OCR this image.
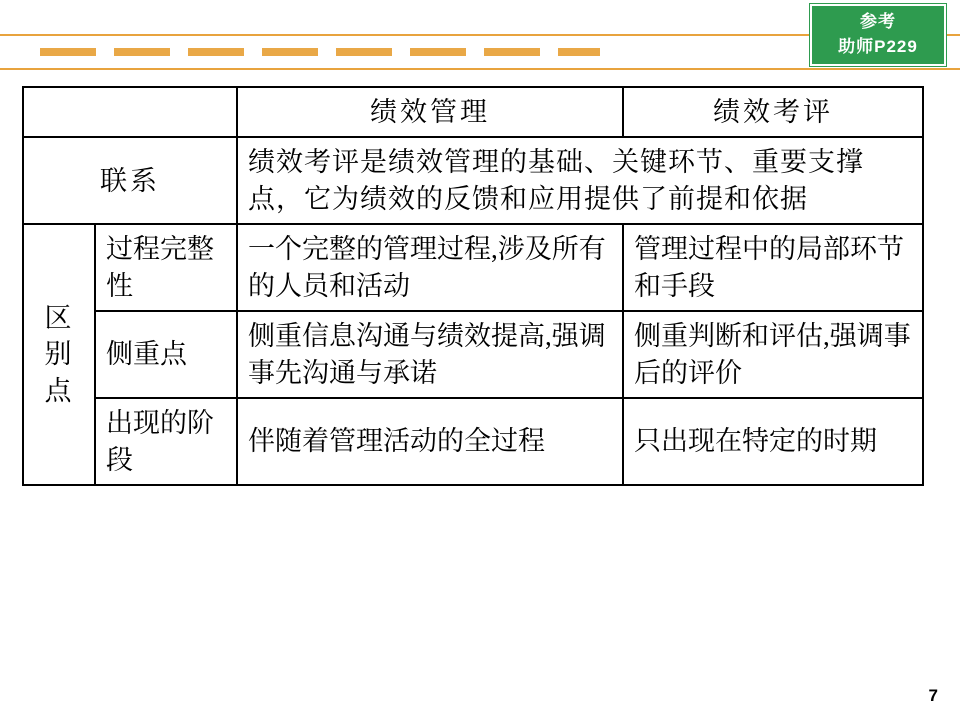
参考
助师P229
		绩效管理	绩效考评
联系		绩效考评是绩效管理的基础、关键环节、重要支撑点，它为绩效的反馈和应用提供了前提和依据	
区别点	过程完整性	一个完整的管理过程,涉及所有的人员和活动	管理过程中的局部环节和手段
	侧重点	侧重信息沟通与绩效提高,强调事先沟通与承诺	侧重判断和评估,强调事后的评价
	出现的阶段	伴随着管理活动的全过程	只出现在特定的时期
7
